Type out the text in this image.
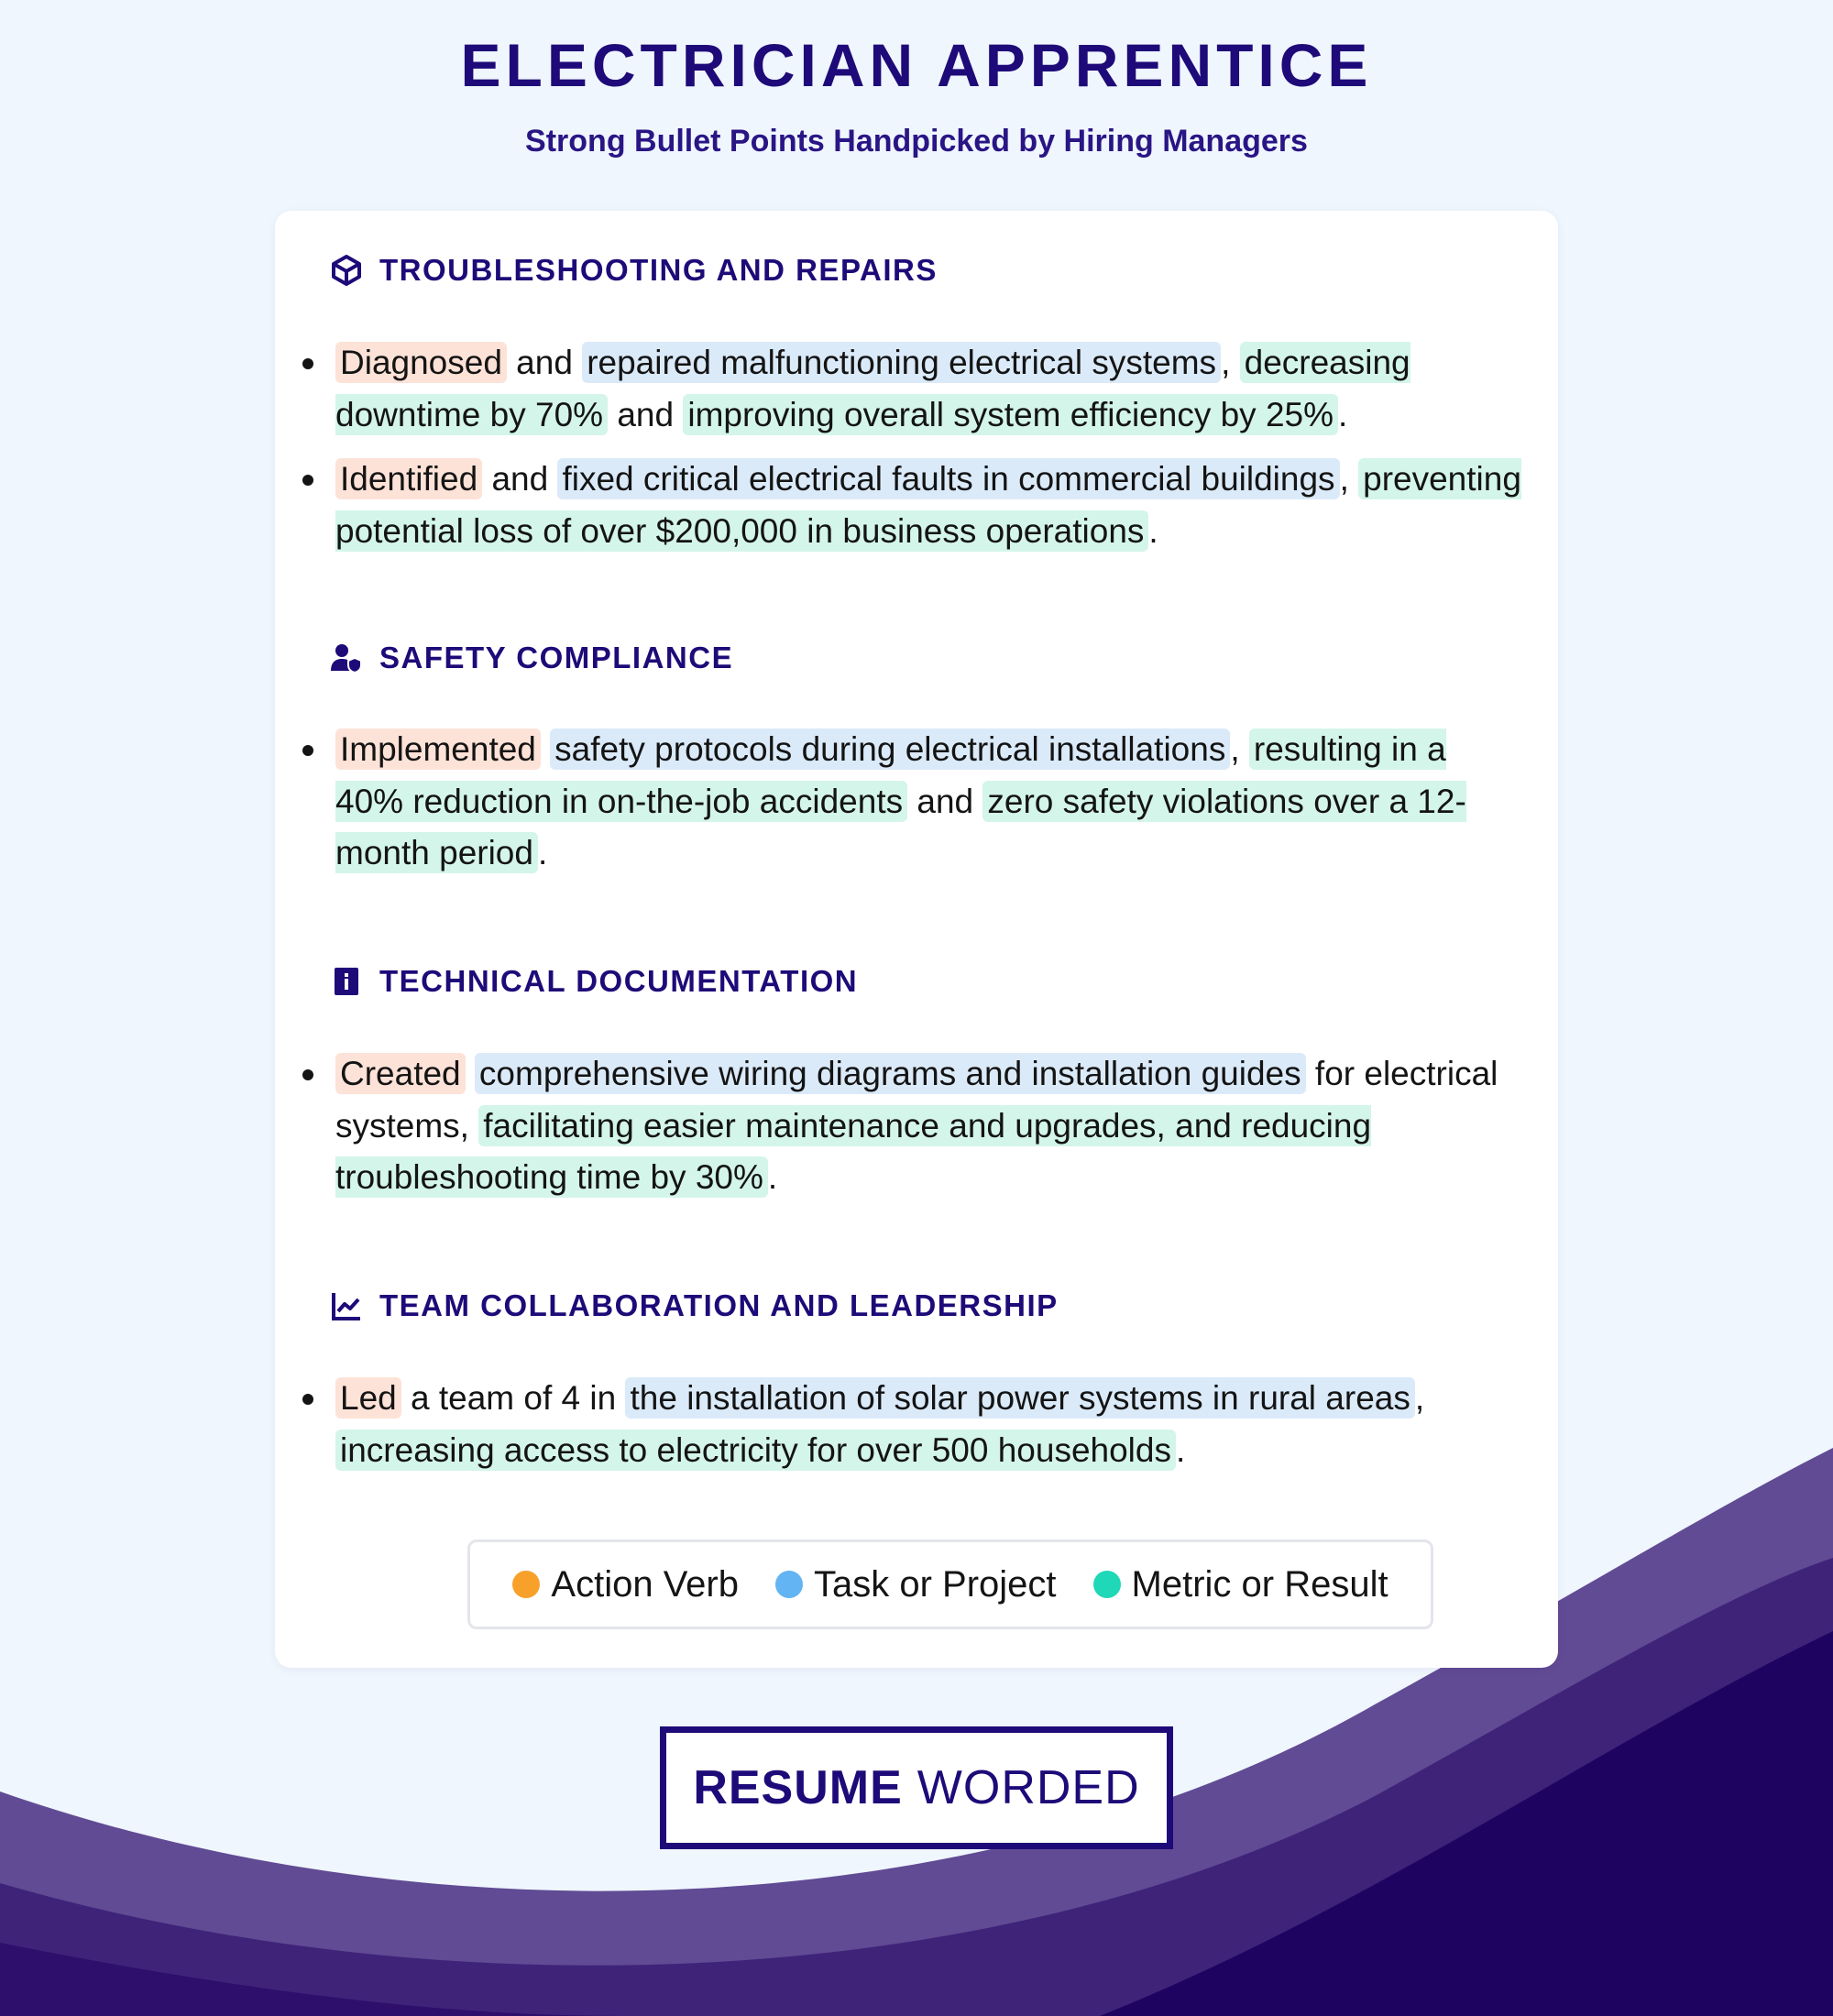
ELECTRICIAN APPRENTICE
Strong Bullet Points Handpicked by Hiring Managers
TROUBLESHOOTING AND REPAIRS
Diagnosed and repaired malfunctioning electrical systems , decreasing downtime by 70% and improving overall system efficiency by 25% .
Identified and fixed critical electrical faults in commercial buildings , preventing potential loss of over $200,000 in business operations .
SAFETY COMPLIANCE
Implemented safety protocols during electrical installations , resulting in a 40% reduction in on-the-job accidents and zero safety violations over a 12-month period .
TECHNICAL DOCUMENTATION
Created comprehensive wiring diagrams and installation guides for electrical systems, facilitating easier maintenance and upgrades, and reducing troubleshooting time by 30% .
TEAM COLLABORATION AND LEADERSHIP
Led a team of 4 in the installation of solar power systems in rural areas , increasing access to electricity for over 500 households .
Action Verb Task or Project Metric or Result
RESUME WORDED
